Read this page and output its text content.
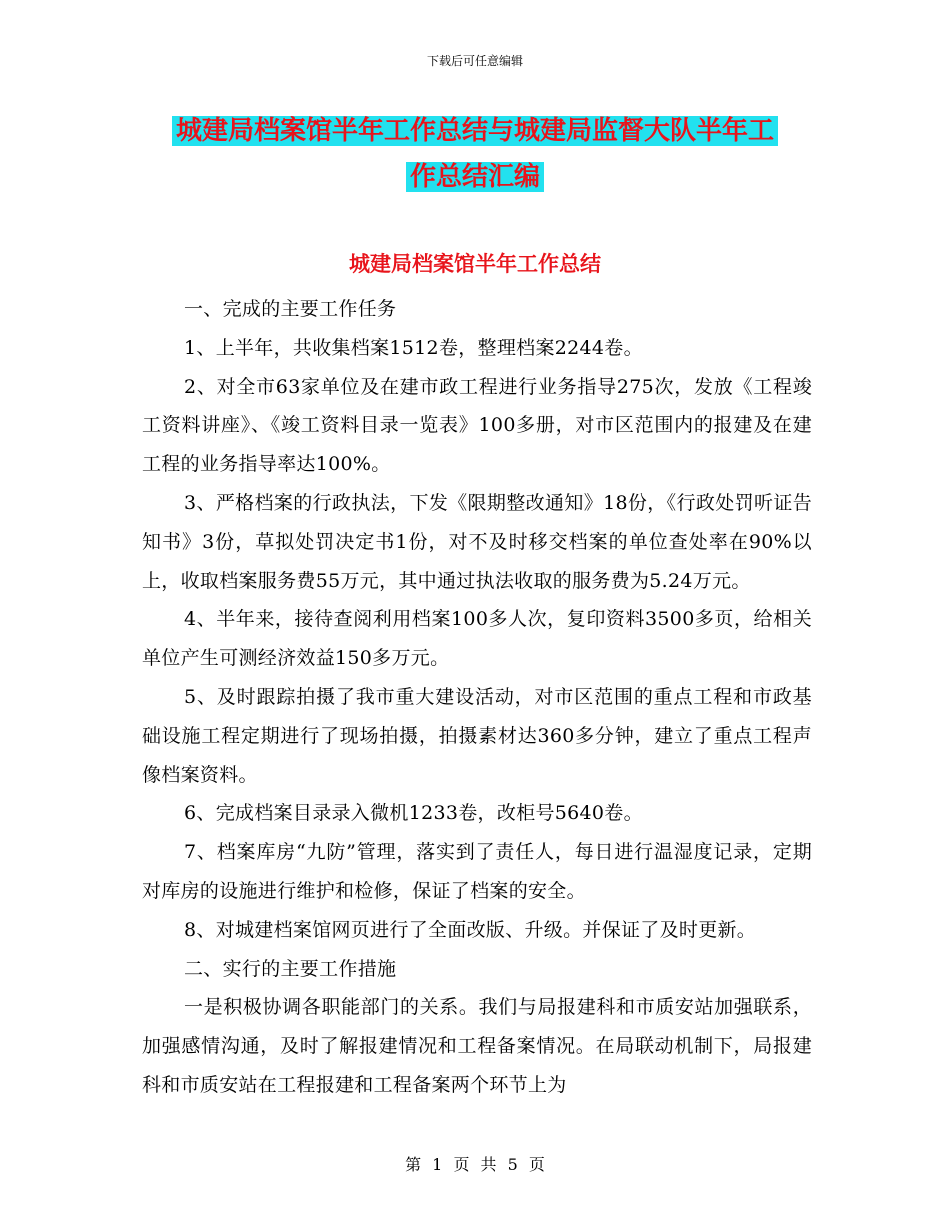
下载后可任意编辑
城建局档案馆半年工作总结与城建局监督大队半年工
作总结汇编
城建局档案馆半年工作总结

一、完成的主要工作任务

1、上半年，共收集档案1512卷，整理档案2244卷。

2、对全市63家单位及在建市政工程进行业务指导275次，发放《工程竣工资料讲座》、《竣工资料目录一览表》100多册，对市区范围内的报建及在建工程的业务指导率达100%。

3、严格档案的行政执法，下发《限期整改通知》18份，《行政处罚听证告知书》3份，草拟处罚决定书1份，对不及时移交档案的单位查处率在90%以上，收取档案服务费55万元，其中通过执法收取的服务费为5.24万元。

4、半年来，接待查阅利用档案100多人次，复印资料3500多页，给相关单位产生可测经济效益150多万元。

5、及时跟踪拍摄了我市重大建设活动，对市区范围的重点工程和市政基础设施工程定期进行了现场拍摄，拍摄素材达360多分钟，建立了重点工程声像档案资料。

6、完成档案目录录入微机1233卷，改柜号5640卷。

7、档案库房“九防”管理，落实到了责任人，每日进行温湿度记录，定期对库房的设施进行维护和检修，保证了档案的安全。

8、对城建档案馆网页进行了全面改版、升级。并保证了及时更新。

二、实行的主要工作措施

一是积极协调各职能部门的关系。我们与局报建科和市质安站加强联系，加强感情沟通，及时了解报建情况和工程备案情况。在局联动机制下，局报建科和市质安站在工程报建和工程备案两个环节上为

第 1 页 共 5 页
